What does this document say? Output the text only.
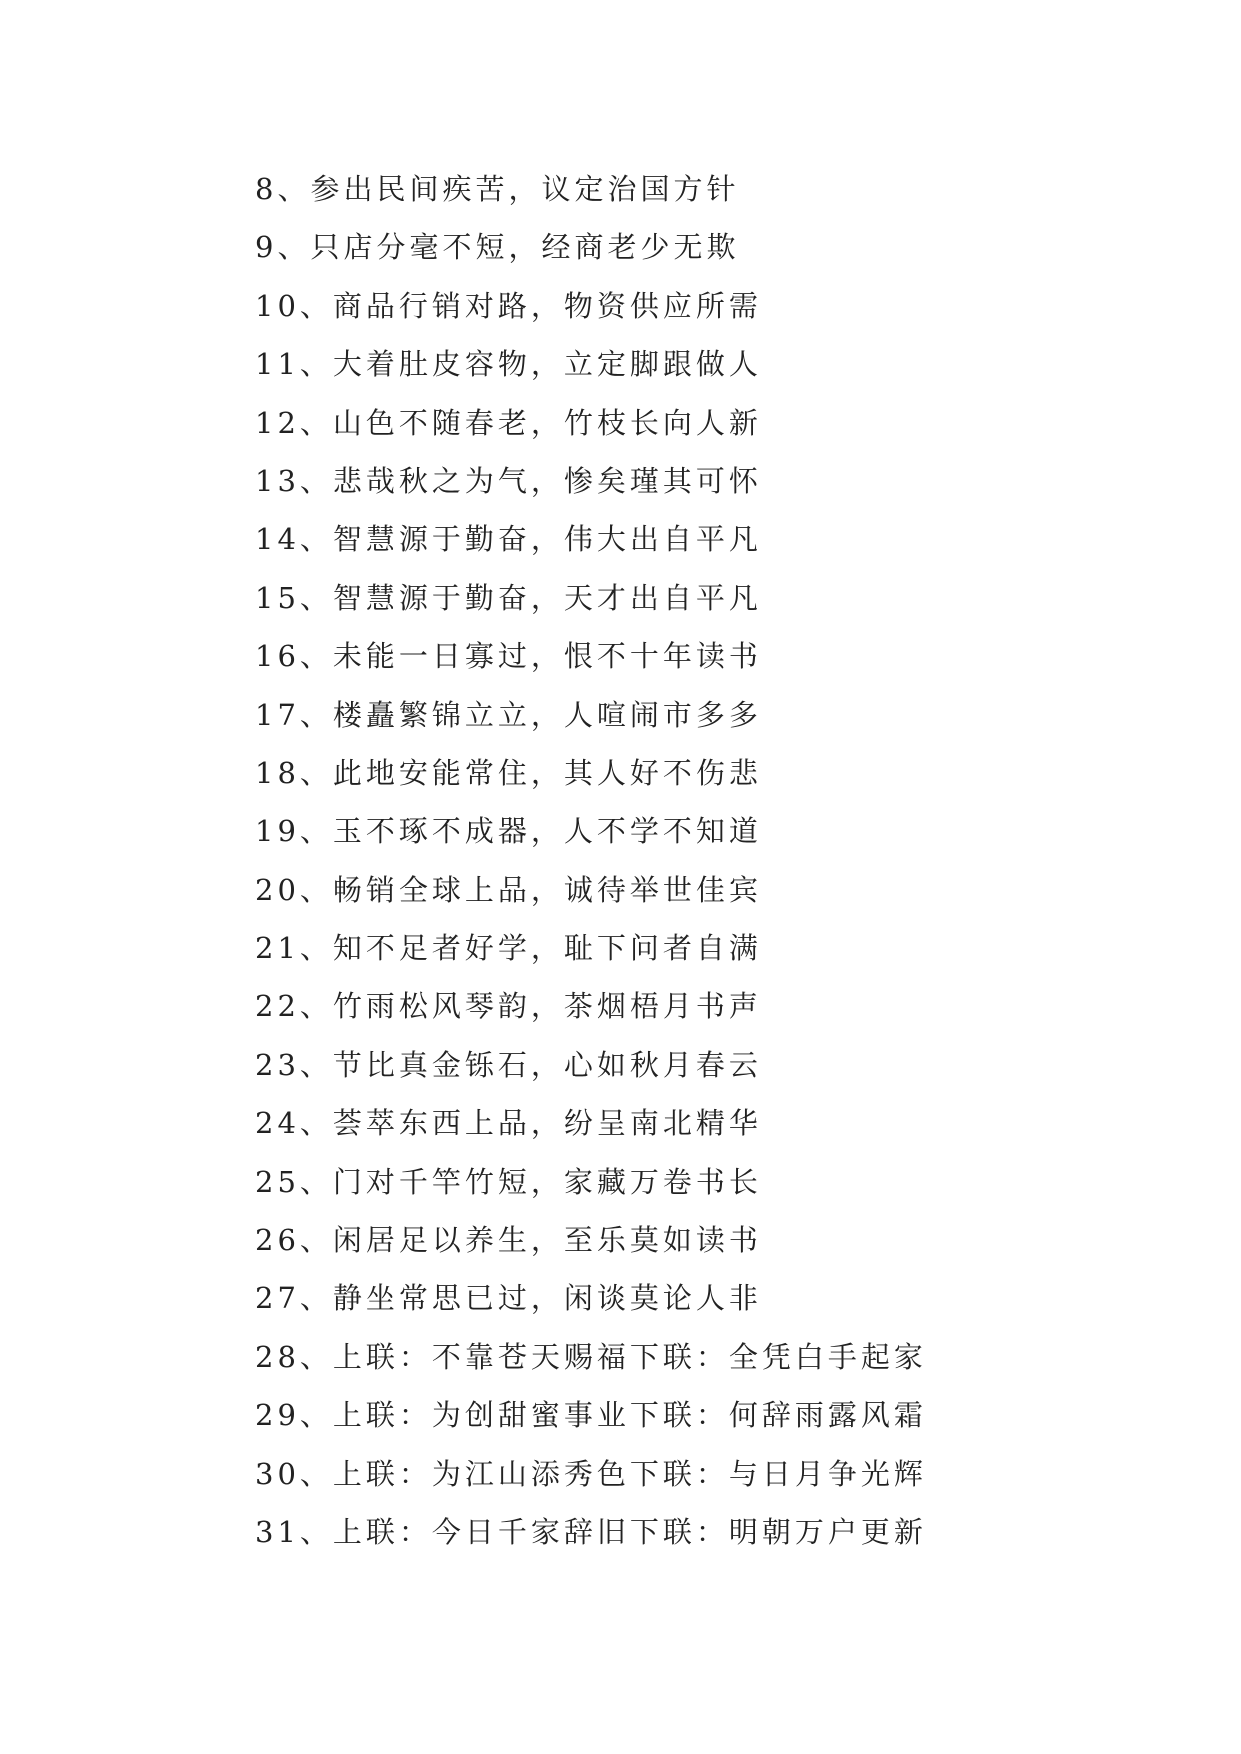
8、参出民间疾苦，议定治国方针
9、只店分毫不短，经商老少无欺
10、商品行销对路，物资供应所需
11、大着肚皮容物，立定脚跟做人
12、山色不随春老，竹枝长向人新
13、悲哉秋之为气，惨矣瑾其可怀
14、智慧源于勤奋，伟大出自平凡
15、智慧源于勤奋，天才出自平凡
16、未能一日寡过，恨不十年读书
17、楼矗繁锦立立，人喧闹市多多
18、此地安能常住，其人好不伤悲
19、玉不琢不成器，人不学不知道
20、畅销全球上品，诚待举世佳宾
21、知不足者好学，耻下问者自满
22、竹雨松风琴韵，茶烟梧月书声
23、节比真金铄石，心如秋月春云
24、荟萃东西上品，纷呈南北精华
25、门对千竿竹短，家藏万卷书长
26、闲居足以养生，至乐莫如读书
27、静坐常思已过，闲谈莫论人非
28、上联：不靠苍天赐福下联：全凭白手起家
29、上联：为创甜蜜事业下联：何辞雨露风霜
30、上联：为江山添秀色下联：与日月争光辉
31、上联：今日千家辞旧下联：明朝万户更新
